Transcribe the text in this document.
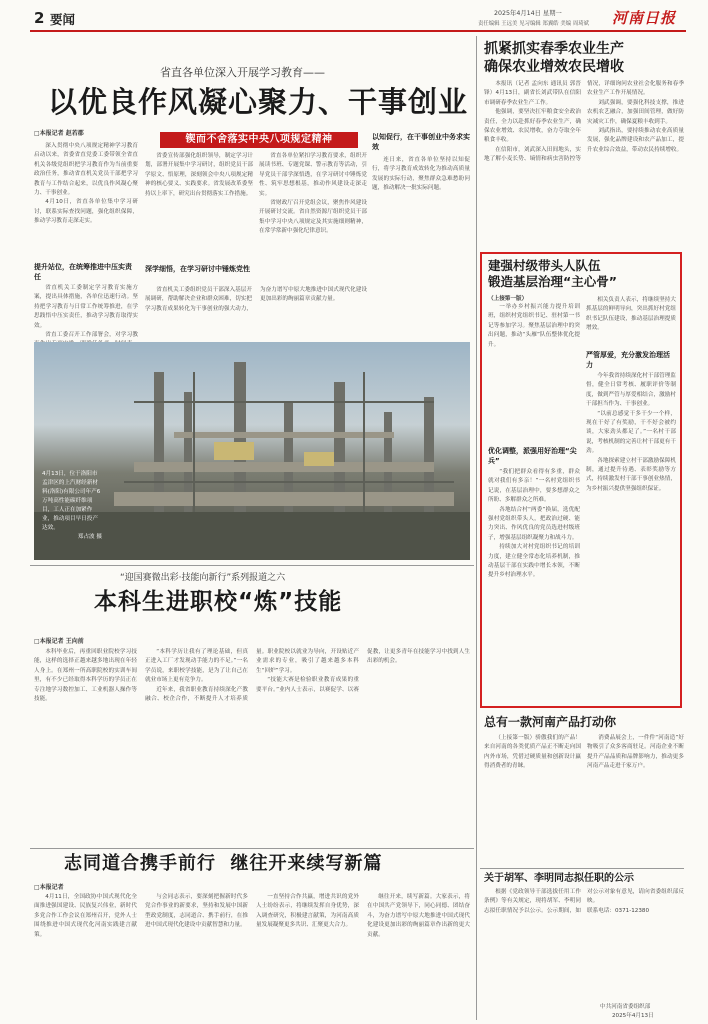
2 要闻	2025年4月14日 星期一
责任编辑 王远美 见习编辑 郑翼皓 美编 周琦斌 河南日报
省直各单位深入开展学习教育——
以优良作风凝心聚力、干事创业
□本报记者 赵若郡
锲而不舍落实中央八项规定精神

深入贯彻中央八项规定精神学习教育启动以来，省委省直党委工委带领全省直机关各级党组织把学习教育作为当前重要政治任务，推动省直机关党员干部把学习教育与工作结合起来，以优良作风凝心聚力、干事创业。

4月10日，省直各单位集中学习研讨，联系实际查找问题，强化组织保障，推动学习教育走深走实。

提升站位，在统筹推进中压实责任

省直机关工委制定学习教育实施方案，提出具体措施，各单位迅速行动。坚持把学习教育与日常工作统筹推进，在学思践悟中压实责任，推动学习教育取得实效。

省直工委召开工作部署会，对学习教

省委宣传部强化组织领导，制定学习计划，部署开展集中学习研讨，组织党员干部学原文、悟原理，深刻领会中央八项规定精神的核心要义、实践要求。省发展改革委坚持以上率下，研究出台贯彻落实工作措施。

深学细悟，在学习研讨中锤炼党性

省直各单位紧扣学习教育要求，组织开展读书班、专题党课、警示教育等活动，引导党员干部学深悟透，在学习研讨中锤炼党性、筑牢思想根基，推动作风建设走深走实。

省财政厅召开党组会议，聚焦作风建设开展研讨交流。省自然资源厅组织党员干部集中学习中央八项规定及其实施细则精神，在常学常新中强化纪律意识。

省直机关工委组织党员干部深入基层开展调研，帮助解决企业和群众困难，切实把学习教育成果转化为干事创业的强大动力，为奋力谱写中原大地推进中国式现代化建设更加出彩的绚丽篇章贡献力量。

以知促行，在干事创业中务求实效

连日来，省直各单位坚持以知促行，将学习教育成效转化为推动高质量发展的实际行动，聚焦群众急难愁盼问题，推动解决一批实际问题。

4月13日，位于洛阳市孟津区的上汽财经新材料(洛阳)有限公司年产6万吨高性能碳纤维项目，工人正在加紧作业，推动项目早日投产达效。
郑占波 摄
“迎国赛微出彩·技能向新行”系列报道之六
本科生进职校“炼”技能
□本报记者 王向前

本科毕业后，再重回职业院校学习技能，这样的选择正越来越多地出现在年轻人身上。在郑州一所高职院校的实训车间里，有不少已经取得本科学历的学员正在专注地学习数控加工、工业机器人操作等技能。

“本科学历让我有了理论基础，但真正进入工厂才发现动手能力的不足。”一名学员说，来职校学技能，是为了让自己在就业市场上更有竞争力。

近年来，我省职业教育持续深化产教融合、校企合作，不断提升人才培养质量。职业院校以就业为导向，开设贴近产业需求的专业，吸引了越来越多本科生“回炉”学习。

“技能大赛是检验职业教育成果的重要平台。”业内人士表示，以赛促学、以赛促教，让更多青年在技能学习中找到人生出彩的机会。

志同道合携手前行  继往开来续写新篇
□本报记者

4月11日，全国政协中国式现代化全面推进强国建设、民族复兴伟业，新时代多党合作工作会议在郑州召开，党外人士围绕推进中国式现代化河南实践建言献策。

与会同志表示，要深刻把握新时代多党合作事业的新要求，坚持和发展中国新型政党制度，志同道合、携手前行，在推进中国式现代化建设中贡献智慧和力量。

一直坚持合作共赢，增进共识的党外人士纷纷表示，将继续发挥自身优势，深入调查研究，积极建言献策，为河南高质量发展凝聚更多共识、汇聚更大合力。

继往开来，续写新篇。大家表示，将在中国共产党领导下，同心同德、团结奋斗，为奋力谱写中原大地推进中国式现代化建设更加出彩的绚丽篇章作出新的更大贡献。

抓紧抓实春季农业生产
确保农业增效农民增收

本报讯（记者 孟向东 通讯员 郭晋锋）4月13日，副省长刘武带队在信阳市调研春季农业生产工作。

他强调，要坚决扛牢粮食安全政治责任，全力以赴抓好春季农业生产，确保农业增效、农民增收，奋力夺取全年粮食丰收。

在信阳市，刘武深入田间地头，实地了解小麦长势、墒情和病虫害防控等情况，详细询问农业社会化服务和春季农业生产工作开展情况。

刘武强调，要强化科技支撑，推进农机农艺融合，加强田间管理，做好防灾减灾工作，确保夏粮丰收到手。

刘武指出，要持续推动农业高质量发展，强化品牌建设和农产品加工，提升农业综合效益，带动农民持续增收。

建强村级带头人队伍
锻造基层治理“主心骨”
（上接第一版）

一举办乡村振兴能力提升培训班，组织村党组织书记、驻村第一书记等参加学习。聚焦基层治理中的突出问题，推动“头雁”队伍整体优化提升。

优化调整，派强用好治理“尖兵”

“我们把群众看得有多重，群众就对我们有多亲！”一名村党组织书记说，在基层治理中，要多想群众之所盼、多解群众之所难。

各地结合村“两委”换届，选优配强村党组织带头人，把政治过硬、能力突出、作风优良的党员选进村级班子，增强基层组织凝聚力和战斗力。

持续加大对村党组织书记的培训力度，建立健全常态化培养机制，推动基层干部在实践中增长本领，不断提升乡村治理水平。

相关负责人表示，将继续坚持大抓基层的鲜明导向，突出抓好村党组织书记队伍建设，推动基层治理提质增效。

严管厚爱，充分激发治理活力

今年我省持续深化村干部管理监督，健全日常考核、履职评价等制度，做到严管与厚爱相结合，激励村干部担当作为、干事创业。

“以前总感觉干多干少一个样，现在干好了有奖励，干不好会被约谈，大家劲头都足了。”一名村干部说，考核机制的完善让村干部更有干劲。

各地探索建立村干部激励保障机制，通过提升待遇、表彰奖励等方式，持续激发村干部干事创业热情，为乡村振兴提供坚强组织保证。

总有一款河南产品打动你

（上接第一版）骄傲我们的产品！来自河南的各类优质产品正不断走向国内外市场，凭借过硬质量和创新设计赢得消费者的青睐。

消费品展会上，一件件“河南造”好物吸引了众多客商驻足。河南企业不断提升产品品质和品牌影响力，推动更多河南产品走进千家万户。

关于胡军、李明同志拟任职的公示

根据《党政领导干部选拔任用工作条例》等有关规定，现将胡军、李明同志拟任职情况予以公示。公示期间，如对公示对象有意见，请向省委组织部反映。

联系电话：0371-12380

中共河南省委组织部
2025年4月13日
